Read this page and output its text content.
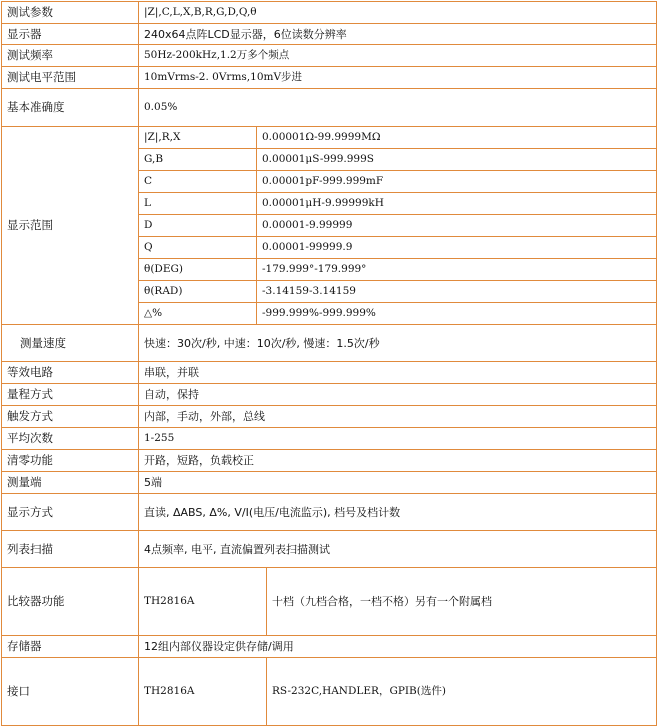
测试参数	|Z|,C,L,X,B,R,G,D,Q,θ		
显示器	240x64点阵LCD显示器，6位读数分辨率		
测试频率	50Hz-200kHz,1.2万多个频点		
测试电平范围	10mVrms-2. 0Vrms,10mV步进		
基本准确度	0.05%		
显示范围	|Z|,R,X	0.00001Ω-99.9999MΩ	
	G,B	0.00001μS-999.999S	
	C	0.00001pF-999.999mF	
	L	0.00001μH-9.99999kH	
	D	0.00001-9.99999	
	Q	0.00001-99999.9	
	θ(DEG)	-179.999°-179.999°	
	θ(RAD)	-3.14159-3.14159	
	△%	-999.999%-999.999%	
测量速度	快速：30次/秒, 中速：10次/秒, 慢速：1.5次/秒		
等效电路	串联，并联		
量程方式	自动，保持		
触发方式	内部，手动，外部，总线		
平均次数	1-255		
清零功能	开路，短路，负载校正		
测量端	5端		
显示方式	直读, ΔABS, Δ%, V/I(电压/电流监示), 档号及档计数		
列表扫描	4点频率, 电平, 直流偏置列表扫描测试		
比较器功能	TH2816A		十档（九档合格，一档不格）另有一个附属档
存储器	12组内部仪器设定供存储/调用		
接口	TH2816A		RS-232C,HANDLER，GPIB(选件)
